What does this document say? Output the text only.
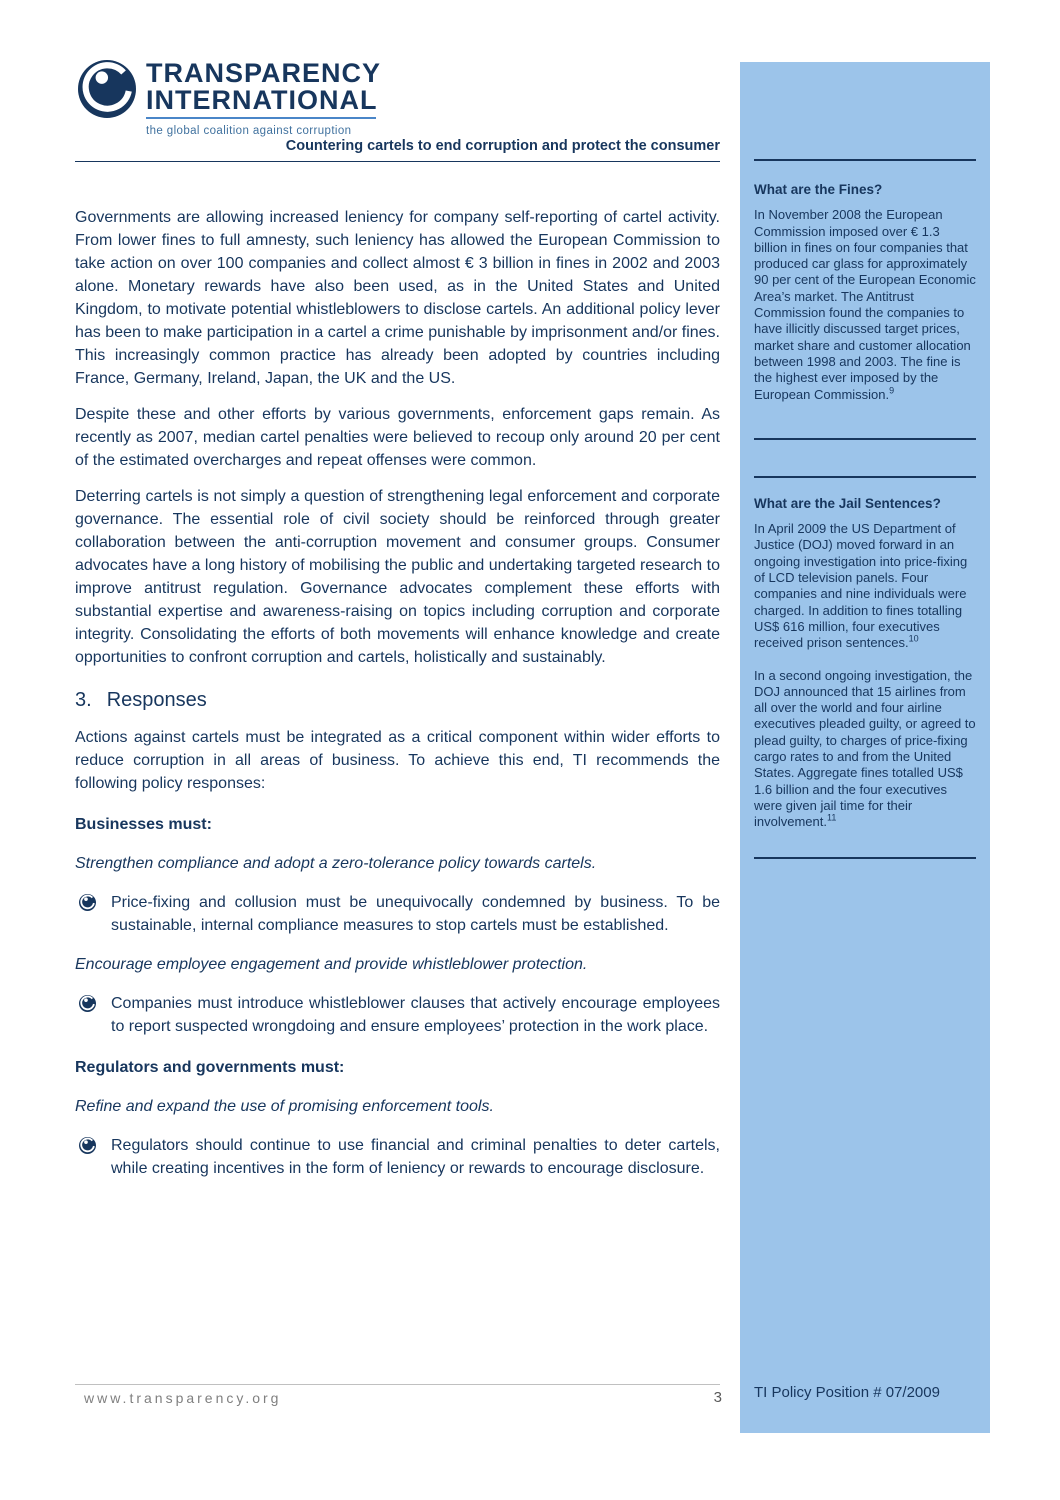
TRANSPARENCY
INTERNATIONAL
the global coalition against corruption
Countering cartels to end corruption and protect the consumer

Governments are allowing increased leniency for company self-reporting of cartel activity. From lower fines to full amnesty, such leniency has allowed the European Commission to take action on over 100 companies and collect almost € 3 billion in fines in 2002 and 2003 alone. Monetary rewards have also been used, as in the United States and United Kingdom, to motivate potential whistleblowers to disclose cartels. An additional policy lever has been to make participation in a cartel a crime punishable by imprisonment and/or fines. This increasingly common practice has already been adopted by countries including France, Germany, Ireland, Japan, the UK and the US.

Despite these and other efforts by various governments, enforcement gaps remain. As recently as 2007, median cartel penalties were believed to recoup only around 20 per cent of the estimated overcharges and repeat offenses were common.

Deterring cartels is not simply a question of strengthening legal enforcement and corporate governance. The essential role of civil society should be reinforced through greater collaboration between the anti-corruption movement and consumer groups. Consumer advocates have a long history of mobilising the public and undertaking targeted research to improve antitrust regulation. Governance advocates complement these efforts with substantial expertise and awareness-raising on topics including corruption and corporate integrity. Consolidating the efforts of both movements will enhance knowledge and create opportunities to confront corruption and cartels, holistically and sustainably.

3. Responses

Actions against cartels must be integrated as a critical component within wider efforts to reduce corruption in all areas of business. To achieve this end, TI recommends the following policy responses:

Businesses must:

Strengthen compliance and adopt a zero-tolerance policy towards cartels.

Price-fixing and collusion must be unequivocally condemned by business. To be sustainable, internal compliance measures to stop cartels must be established.

Encourage employee engagement and provide whistleblower protection.

Companies must introduce whistleblower clauses that actively encourage employees to report suspected wrongdoing and ensure employees’ protection in the work place.

Regulators and governments must:

Refine and expand the use of promising enforcement tools.

Regulators should continue to use financial and criminal penalties to deter cartels, while creating incentives in the form of leniency or rewards to encourage disclosure.

What are the Fines?

In November 2008 the European Commission imposed over € 1.3 billion in fines on four companies that produced car glass for approximately 90 per cent of the European Economic Area’s market. The Antitrust Commission found the companies to have illicitly discussed target prices, market share and customer allocation between 1998 and 2003. The fine is the highest ever imposed by the European Commission.$^9$

What are the Jail Sentences?

In April 2009 the US Department of Justice (DOJ) moved forward in an ongoing investigation into price-fixing of LCD television panels. Four companies and nine individuals were charged. In addition to fines totalling US$ 616 million, four executives received prison sentences.$^{10}$

In a second ongoing investigation, the DOJ announced that 15 airlines from all over the world and four airline executives pleaded guilty, or agreed to plead guilty, to charges of price-fixing cargo rates to and from the United States. Aggregate fines totalled US$ 1.6 billion and the four executives were given jail time for their involvement.$^{11}$

TI Policy Position # 07/2009
www.transparency.org	3
